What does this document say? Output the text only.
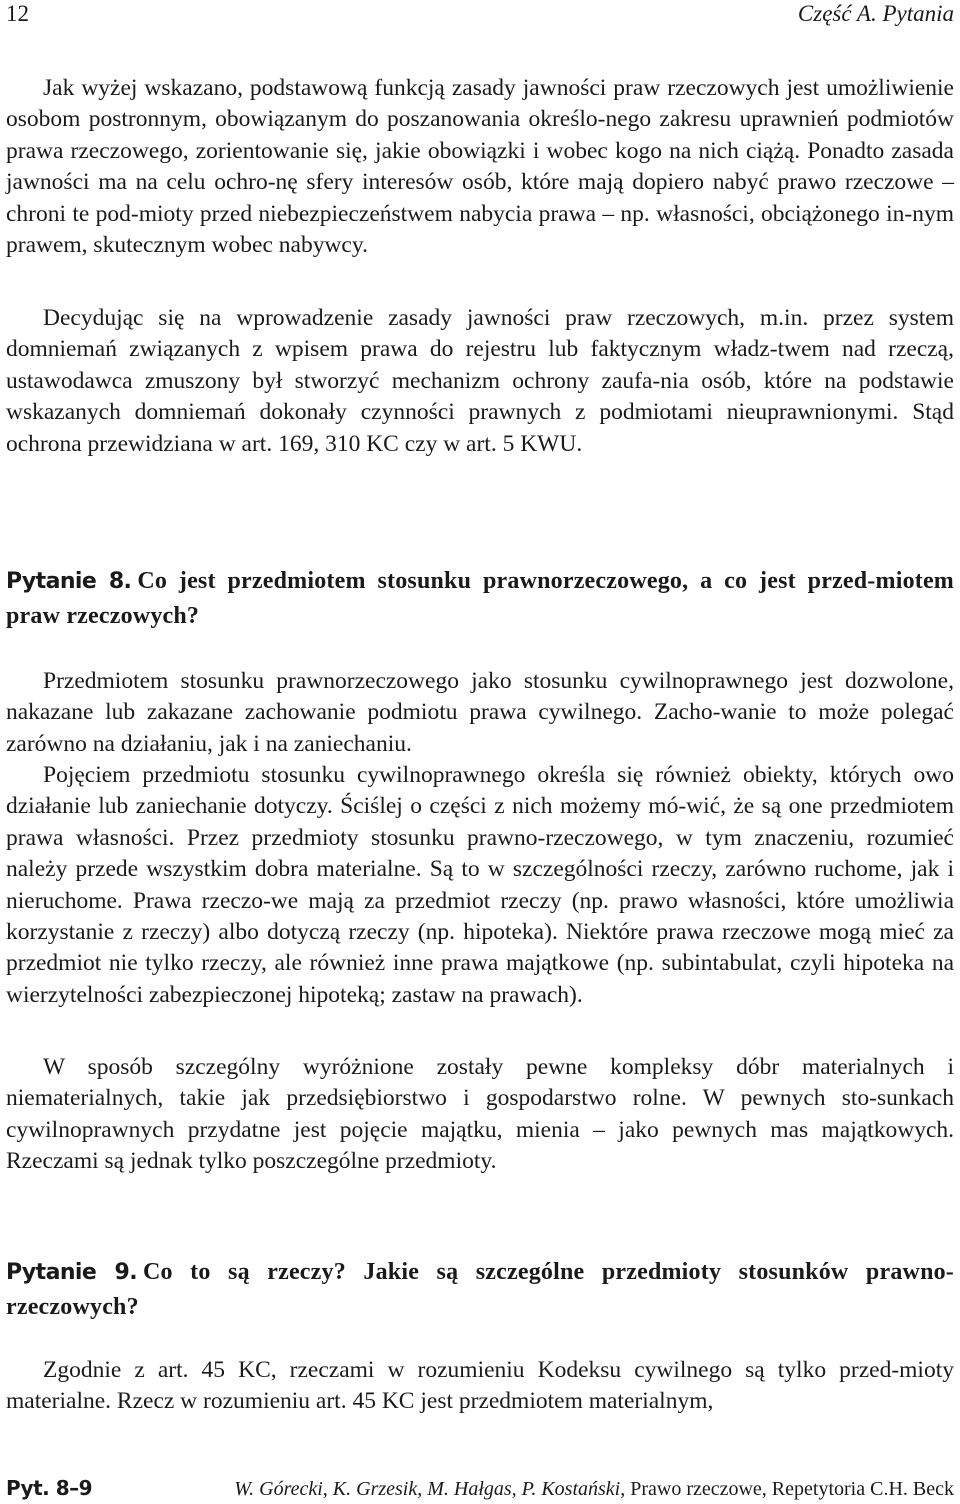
12	Część A. Pytania

Jak wyżej wskazano, podstawową funkcją zasady jawności praw rzeczowych jest umożliwienie osobom postronnym, obowiązanym do poszanowania określo-nego zakresu uprawnień podmiotów prawa rzeczowego, zorientowanie się, jakie obowiązki i wobec kogo na nich ciążą. Ponadto zasada jawności ma na celu ochro-nę sfery interesów osób, które mają dopiero nabyć prawo rzeczowe – chroni te pod-mioty przed niebezpieczeństwem nabycia prawa – np. własności, obciążonego in-nym prawem, skutecznym wobec nabywcy.

Decydując się na wprowadzenie zasady jawności praw rzeczowych, m.in. przez system domniemań związanych z wpisem prawa do rejestru lub faktycznym władz-twem nad rzeczą, ustawodawca zmuszony był stworzyć mechanizm ochrony zaufa-nia osób, które na podstawie wskazanych domniemań dokonały czynności prawnych z podmiotami nieuprawnionymi. Stąd ochrona przewidziana w art. 169, 310 KC czy w art. 5 KWU.

Pytanie 8. Co jest przedmiotem stosunku prawnorzeczowego, a co jest przed-miotem praw rzeczowych?

Przedmiotem stosunku prawnorzeczowego jako stosunku cywilnoprawnego jest dozwolone, nakazane lub zakazane zachowanie podmiotu prawa cywilnego. Zacho-wanie to może polegać zarówno na działaniu, jak i na zaniechaniu.

Pojęciem przedmiotu stosunku cywilnoprawnego określa się również obiekty, których owo działanie lub zaniechanie dotyczy. Ściślej o części z nich możemy mó-wić, że są one przedmiotem prawa własności. Przez przedmioty stosunku prawno-rzeczowego, w tym znaczeniu, rozumieć należy przede wszystkim dobra materialne. Są to w szczególności rzeczy, zarówno ruchome, jak i nieruchome. Prawa rzeczo-we mają za przedmiot rzeczy (np. prawo własności, które umożliwia korzystanie z rzeczy) albo dotyczą rzeczy (np. hipoteka). Niektóre prawa rzeczowe mogą mieć za przedmiot nie tylko rzeczy, ale również inne prawa majątkowe (np. subintabulat, czyli hipoteka na wierzytelności zabezpieczonej hipoteką; zastaw na prawach).

W sposób szczególny wyróżnione zostały pewne kompleksy dóbr materialnych i niematerialnych, takie jak przedsiębiorstwo i gospodarstwo rolne. W pewnych sto-sunkach cywilnoprawnych przydatne jest pojęcie majątku, mienia – jako pewnych mas majątkowych. Rzeczami są jednak tylko poszczególne przedmioty.

Pytanie 9. Co to są rzeczy? Jakie są szczególne przedmioty stosunków prawno-rzeczowych?

Zgodnie z art. 45 KC, rzeczami w rozumieniu Kodeksu cywilnego są tylko przed-mioty materialne. Rzecz w rozumieniu art. 45 KC jest przedmiotem materialnym,

Pyt. 8–9	W. Górecki, K. Grzesik, M. Hałgas, P. Kostański, Prawo rzeczowe, Repetytoria C.H. Beck
